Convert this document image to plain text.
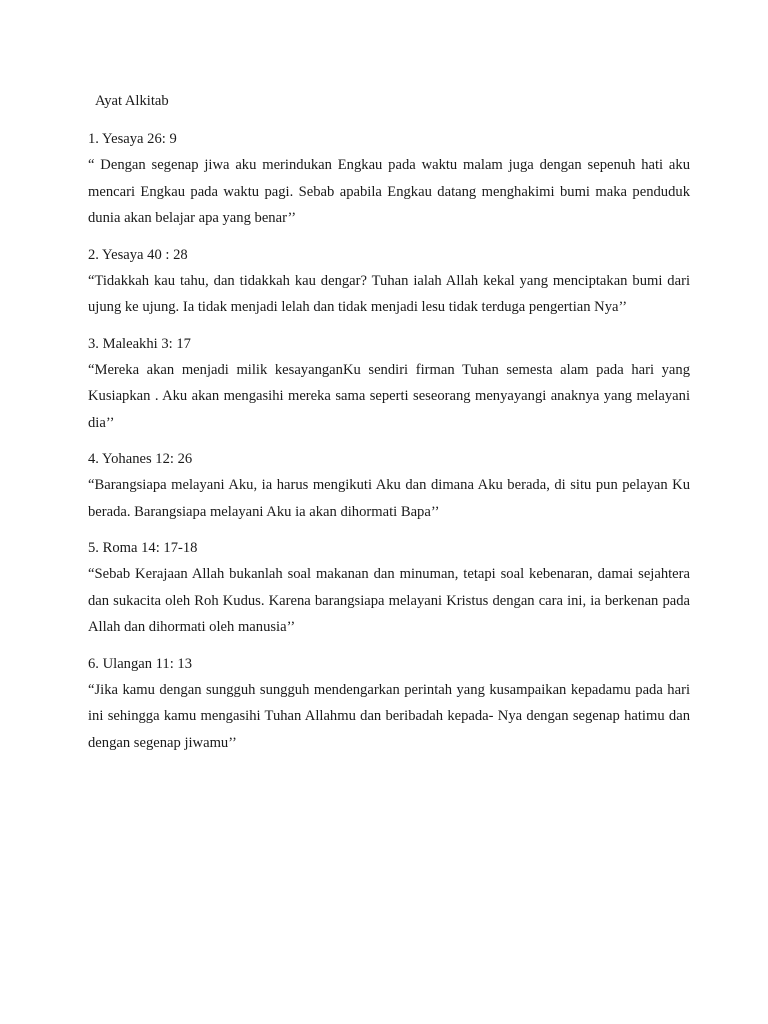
Ayat Alkitab
1. Yesaya 26: 9
“ Dengan segenap jiwa aku merindukan Engkau pada waktu malam juga dengan sepenuh hati aku mencari Engkau pada waktu pagi. Sebab apabila Engkau datang menghakimi bumi maka penduduk dunia akan belajar apa yang benar’’
2. Yesaya 40 : 28
“Tidakkah kau tahu, dan tidakkah kau dengar? Tuhan ialah Allah kekal yang menciptakan bumi dari ujung ke ujung. Ia tidak menjadi lelah dan tidak menjadi lesu tidak terduga pengertian Nya’’
3. Maleakhi 3: 17
“Mereka akan menjadi milik kesayanganKu sendiri firman Tuhan semesta alam pada hari yang Kusiapkan . Aku akan mengasihi mereka sama seperti seseorang menyayangi anaknya yang melayani dia’’
4. Yohanes 12: 26
“Barangsiapa melayani Aku, ia harus mengikuti Aku dan dimana Aku berada, di situ pun pelayan Ku berada. Barangsiapa melayani Aku ia akan dihormati Bapa’’
5. Roma 14: 17-18
“Sebab Kerajaan Allah bukanlah soal makanan dan minuman, tetapi soal kebenaran, damai sejahtera dan sukacita oleh Roh Kudus. Karena barangsiapa melayani Kristus dengan cara ini, ia berkenan pada Allah dan dihormati oleh manusia’’
6. Ulangan 11: 13
“Jika kamu dengan sungguh sungguh mendengarkan perintah yang kusampaikan kepadamu pada hari ini sehingga kamu mengasihi Tuhan Allahmu dan beribadah kepada- Nya dengan segenap hatimu dan dengan segenap jiwamu’’
